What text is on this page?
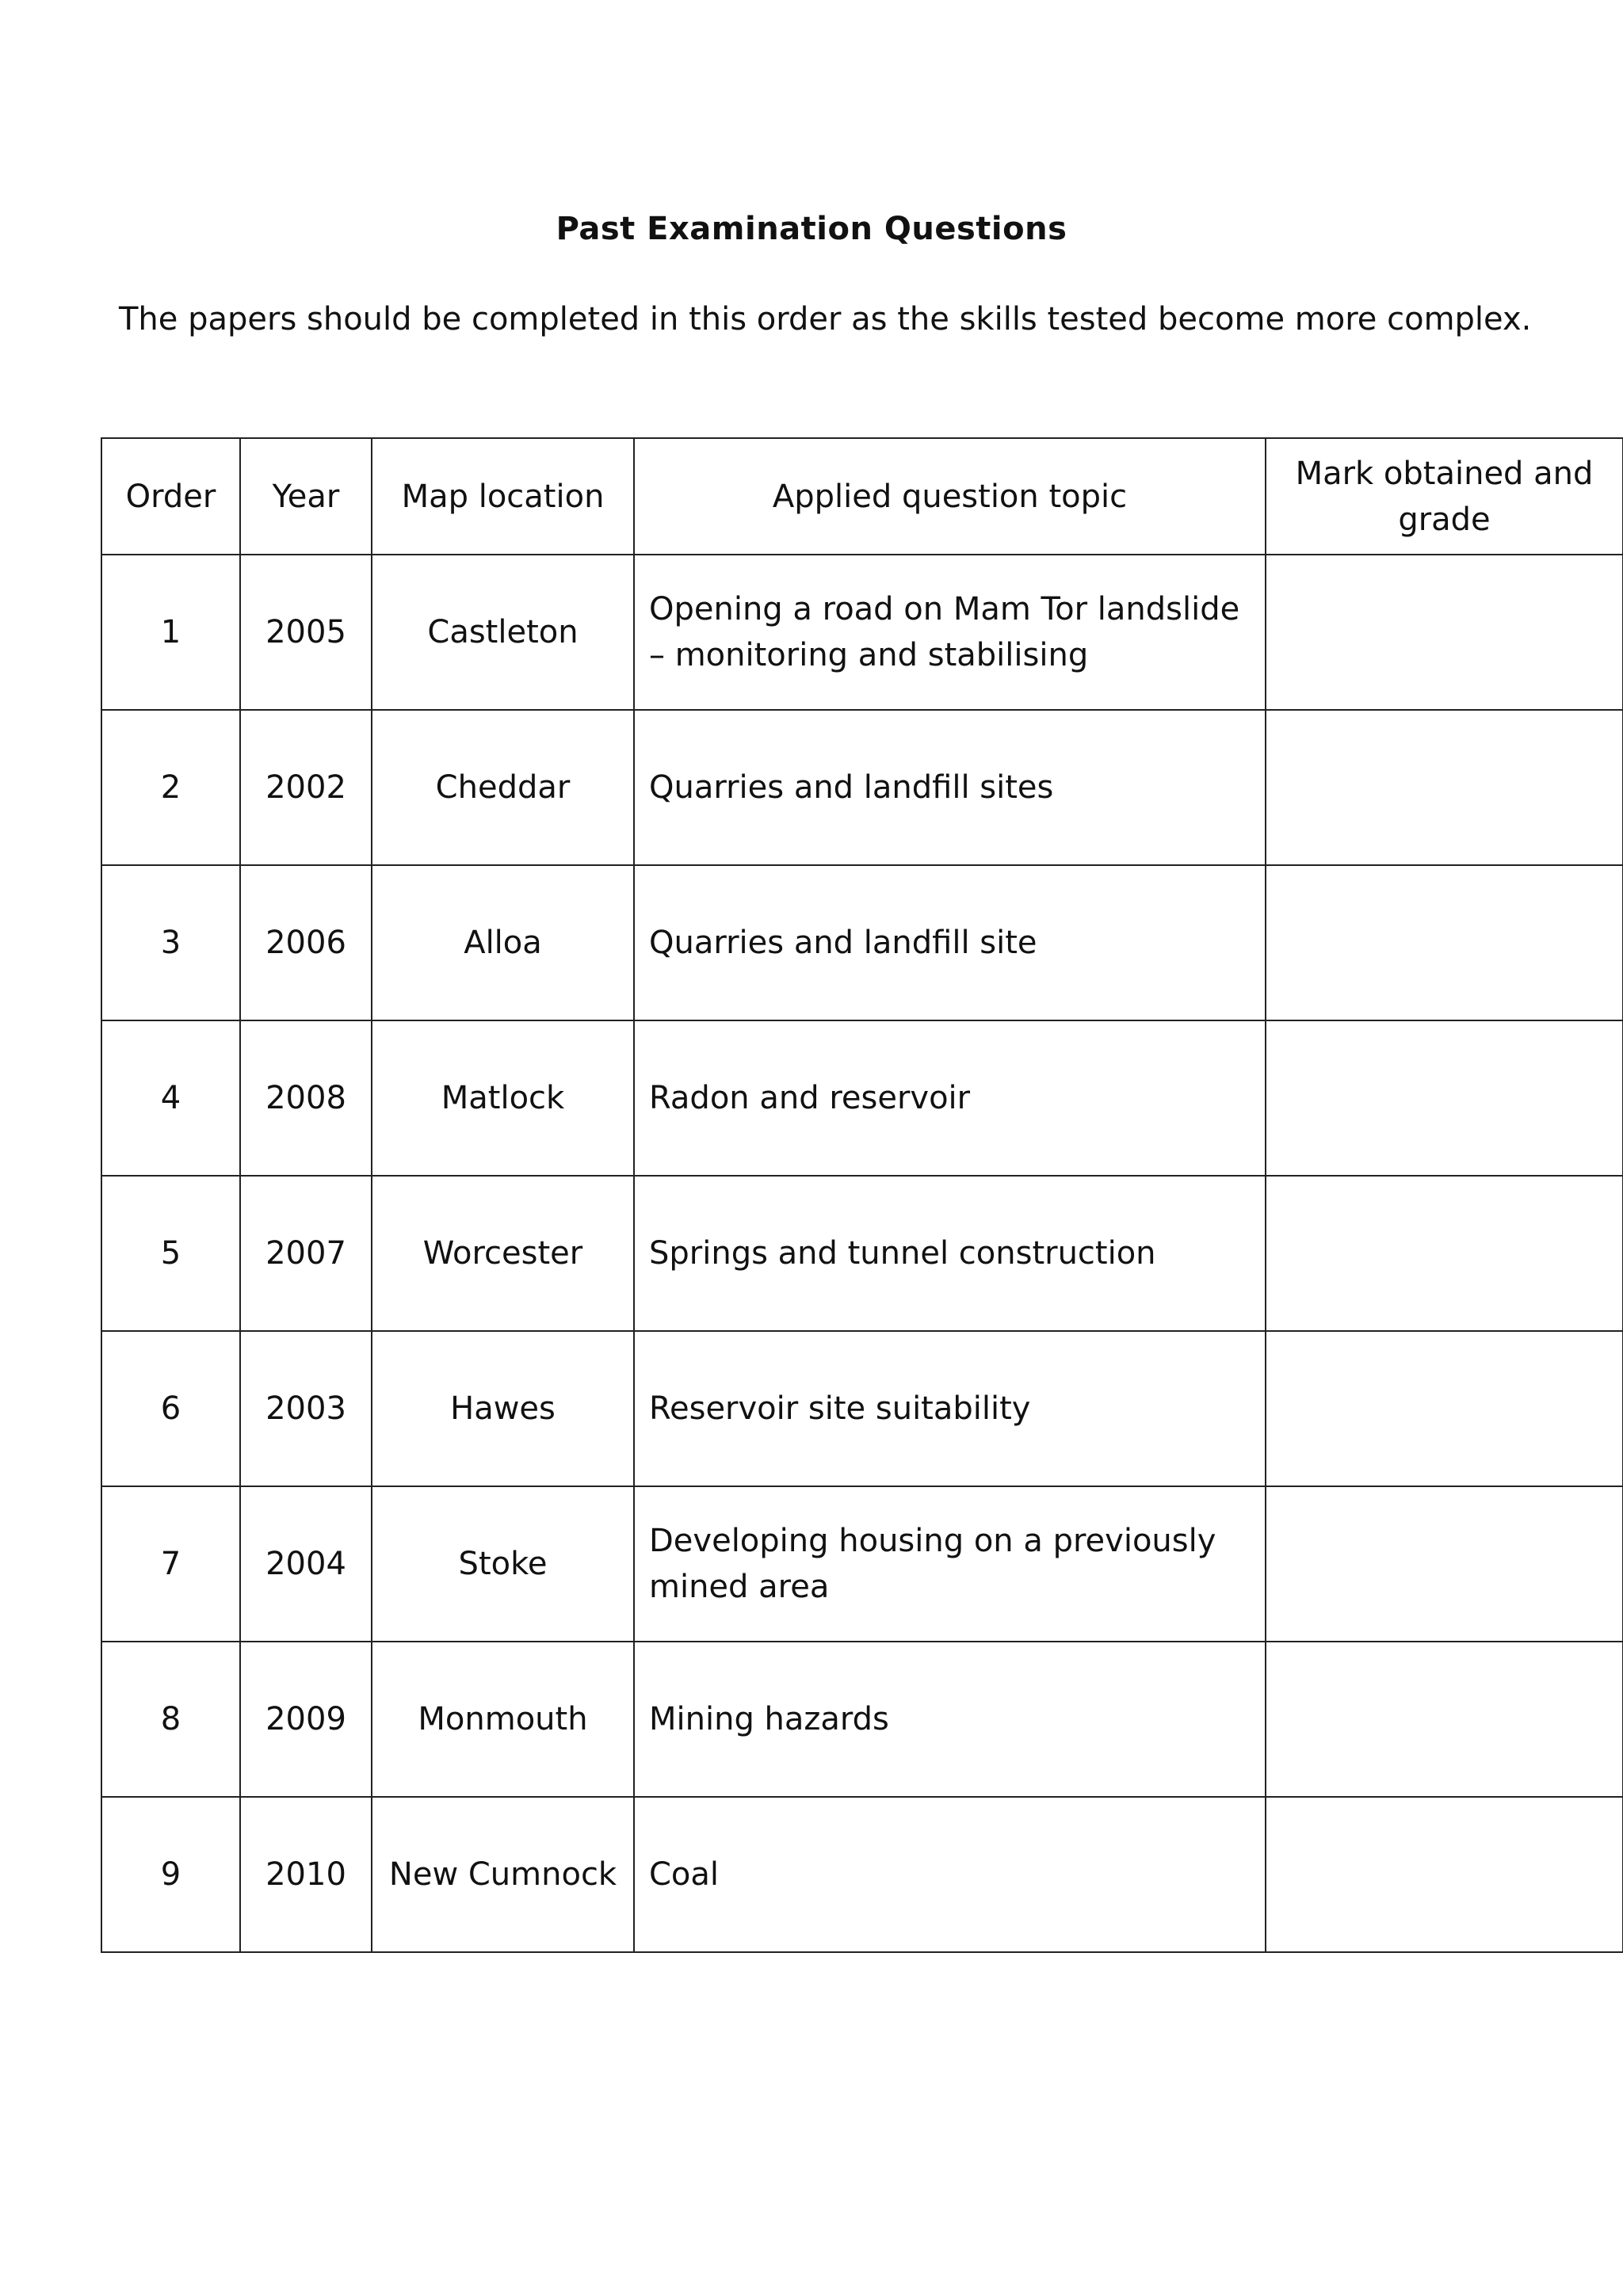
Past Examination Questions
The papers should be completed in this order as the skills tested become more complex.
Order	Year	Map location	Applied question topic	Mark obtained and grade
1	2005	Castleton	Opening a road on Mam Tor landslide – monitoring and stabilising	
2	2002	Cheddar	Quarries and landfill sites	
3	2006	Alloa	Quarries and landfill site	
4	2008	Matlock	Radon and reservoir	
5	2007	Worcester	Springs and tunnel construction	
6	2003	Hawes	Reservoir site suitability	
7	2004	Stoke	Developing housing on a previously mined area	
8	2009	Monmouth	Mining hazards	
9	2010	New Cumnock	Coal	
